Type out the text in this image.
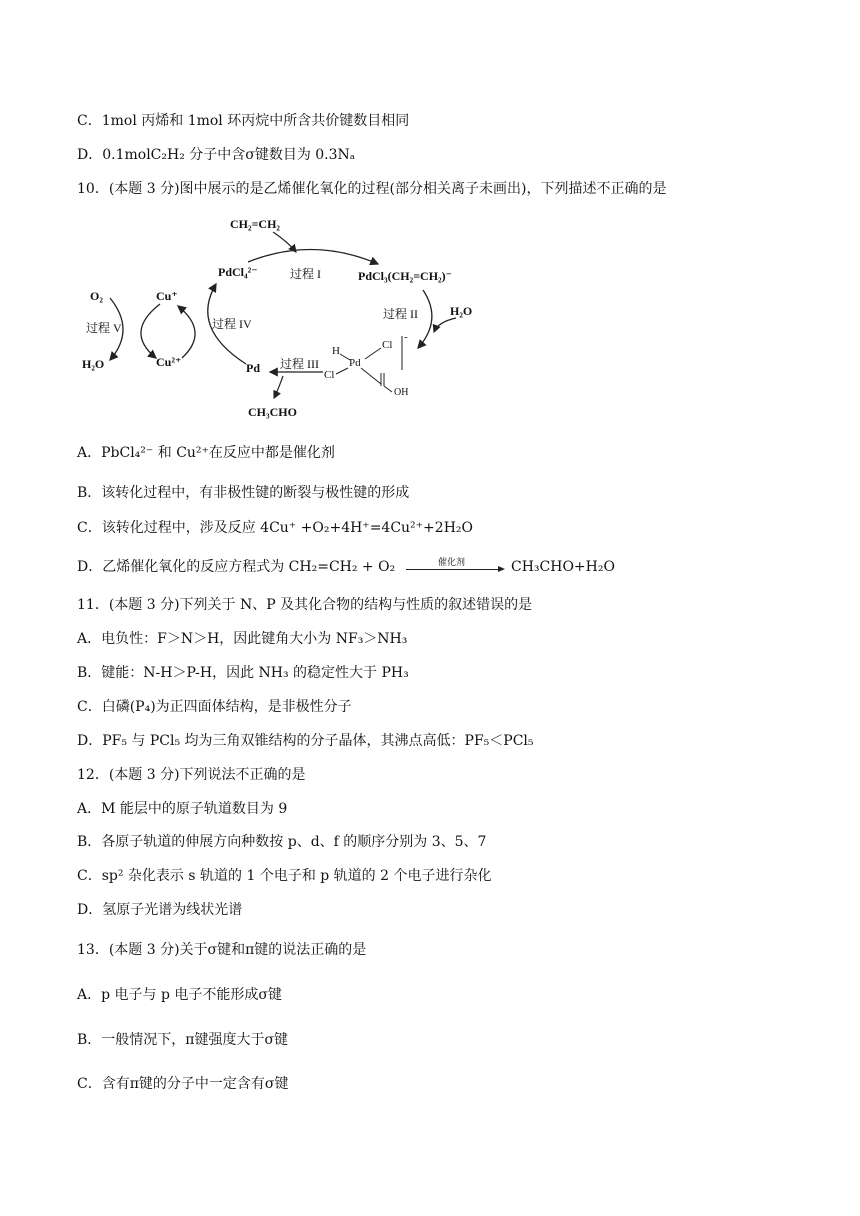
C．1mol 丙烯和 1mol 环丙烷中所含共价键数目相同
D．0.1molC₂H₂ 分子中含σ键数目为 0.3Nₐ
10．(本题 3 分)图中展示的是乙烯催化氧化的过程(部分相关离子未画出)，下列描述不正确的是
CH₂=CH₂
PdCl₄²⁻	PdCl₃(CH₂=CH₂)⁻
过程 I
过程 II	H₂O
H
Pd
Cl
Cl
OH
-
过程 III
Pd
CH₃CHO
过程 IV
Cu⁺
Cu²⁺
O₂
H₂O
过程 V
A．PbCl₄²⁻ 和 Cu²⁺在反应中都是催化剂
B．该转化过程中，有非极性键的断裂与极性键的形成
C．该转化过程中，涉及反应 4Cu⁺ +O₂+4H⁺=4Cu²⁺+2H₂O
D．乙烯催化氧化的反应方程式为 CH₂=CH₂ + O₂	催化剂	CH₃CHO+H₂O
11．(本题 3 分)下列关于 N、P 及其化合物的结构与性质的叙述错误的是
A．电负性：F＞N＞H，因此键角大小为 NF₃＞NH₃
B．键能：N-H＞P-H，因此 NH₃ 的稳定性大于 PH₃
C．白磷(P₄)为正四面体结构，是非极性分子
D．PF₅ 与 PCl₅ 均为三角双锥结构的分子晶体，其沸点高低：PF₅＜PCl₅
12．(本题 3 分)下列说法不正确的是
A．M 能层中的原子轨道数目为 9
B．各原子轨道的伸展方向种数按 p、d、f 的顺序分别为 3、5、7
C．sp² 杂化表示 s 轨道的 1 个电子和 p 轨道的 2 个电子进行杂化
D．氢原子光谱为线状光谱
13．(本题 3 分)关于σ键和π键的说法正确的是
A．p 电子与 p 电子不能形成σ键
B．一般情况下，π键强度大于σ键
C．含有π键的分子中一定含有σ键
